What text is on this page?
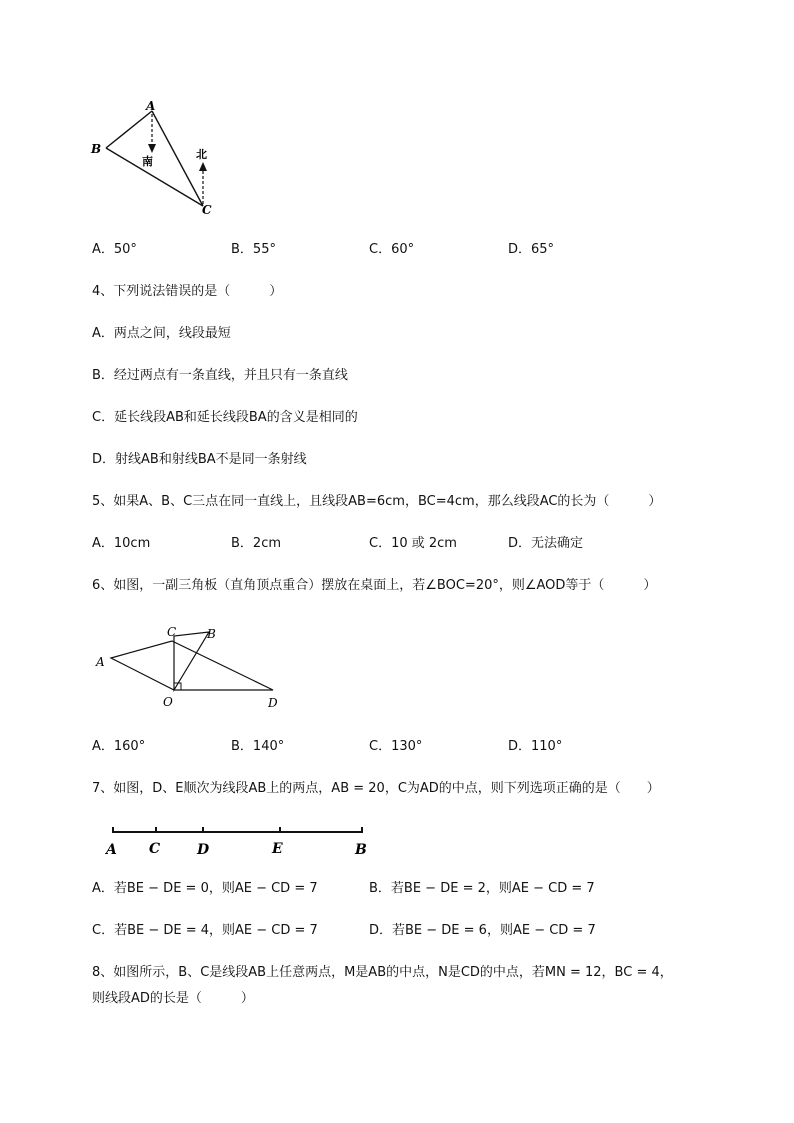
A
B
C
南
北
A．50°	B．55°	C．60°	D．65°
4、下列说法错误的是（　　　）
A．两点之间，线段最短
B．经过两点有一条直线，并且只有一条直线
C．延长线段AB和延长线段BA的含义是相同的
D．射线AB和射线BA不是同一条射线
5、如果A、B、C三点在同一直线上，且线段AB=6cm，BC=4cm，那么线段AC的长为（　　　）
A．10cm	B．2cm	C．10 或 2cm	D．无法确定
6、如图，一副三角板（直角顶点重合）摆放在桌面上，若∠BOC=20°，则∠AOD等于（　　　）
A
C	B
O	D
A．160°	B．140°	C．130°	D．110°
7、如图，D、E顺次为线段AB上的两点，AB = 20，C为AD的中点，则下列选项正确的是（　　）
A C	D	E	B
A．若BE − DE = 0，则AE − CD = 7	B．若BE − DE = 2，则AE − CD = 7
C．若BE − DE = 4，则AE − CD = 7	D．若BE − DE = 6，则AE − CD = 7
8、如图所示，B、C是线段AB上任意两点，M是AB的中点，N是CD的中点，若MN = 12，BC = 4，
则线段AD的长是（　　　）
